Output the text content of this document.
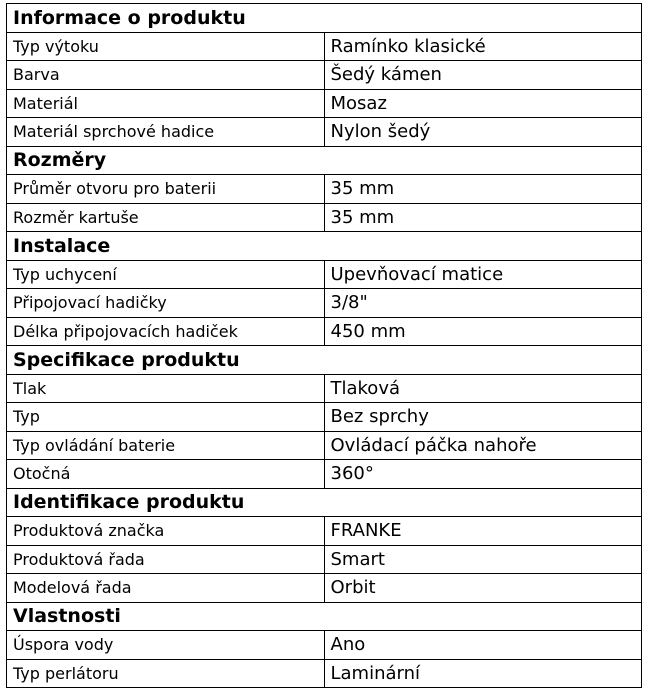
Informace o produktu	
Typ výtoku	Ramínko klasické
Barva	Šedý kámen
Materiál	Mosaz
Materiál sprchové hadice	Nylon šedý
Rozměry	
Průměr otvoru pro baterii	35 mm
Rozměr kartuše	35 mm
Instalace	
Typ uchycení	Upevňovací matice
Připojovací hadičky	3/8"
Délka připojovacích hadiček	450 mm
Specifikace produktu	
Tlak	Tlaková
Typ	Bez sprchy
Typ ovládání baterie	Ovládací páčka nahoře
Otočná	360°
Identifikace produktu	
Produktová značka	FRANKE
Produktová řada	Smart
Modelová řada	Orbit
Vlastnosti	
Úspora vody	Ano
Typ perlátoru	Laminární
